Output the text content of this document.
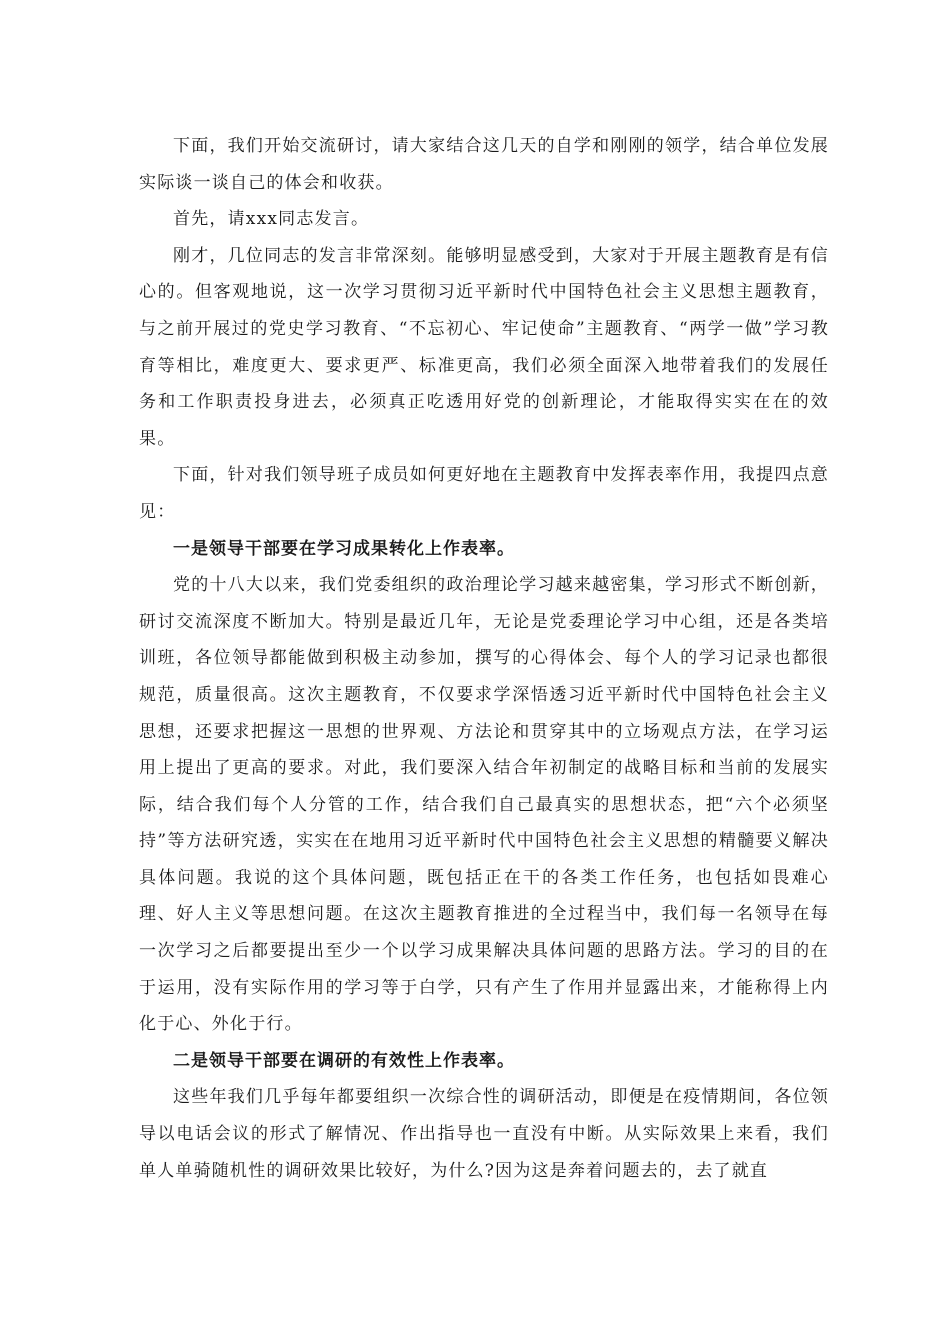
下面，我们开始交流研讨，请大家结合这几天的自学和刚刚的领学，结合单位发展实际谈一谈自己的体会和收获。

首先，请xxx同志发言。

刚才，几位同志的发言非常深刻。能够明显感受到，大家对于开展主题教育是有信心的。但客观地说，这一次学习贯彻习近平新时代中国特色社会主义思想主题教育，与之前开展过的党史学习教育、“不忘初心、牢记使命”主题教育、“两学一做”学习教育等相比，难度更大、要求更严、标准更高，我们必须全面深入地带着我们的发展任务和工作职责投身进去，必须真正吃透用好党的创新理论，才能取得实实在在的效果。

下面，针对我们领导班子成员如何更好地在主题教育中发挥表率作用，我提四点意见：

一是领导干部要在学习成果转化上作表率。

党的十八大以来，我们党委组织的政治理论学习越来越密集，学习形式不断创新，研讨交流深度不断加大。特别是最近几年，无论是党委理论学习中心组，还是各类培训班，各位领导都能做到积极主动参加，撰写的心得体会、每个人的学习记录也都很规范，质量很高。这次主题教育，不仅要求学深悟透习近平新时代中国特色社会主义思想，还要求把握这一思想的世界观、方法论和贯穿其中的立场观点方法，在学习运用上提出了更高的要求。对此，我们要深入结合年初制定的战略目标和当前的发展实际，结合我们每个人分管的工作，结合我们自己最真实的思想状态，把“六个必须坚持”等方法研究透，实实在在地用习近平新时代中国特色社会主义思想的精髓要义解决具体问题。我说的这个具体问题，既包括正在干的各类工作任务，也包括如畏难心理、好人主义等思想问题。在这次主题教育推进的全过程当中，我们每一名领导在每一次学习之后都要提出至少一个以学习成果解决具体问题的思路方法。学习的目的在于运用，没有实际作用的学习等于白学，只有产生了作用并显露出来，才能称得上内化于心、外化于行。

二是领导干部要在调研的有效性上作表率。

这些年我们几乎每年都要组织一次综合性的调研活动，即便是在疫情期间，各位领导以电话会议的形式了解情况、作出指导也一直没有中断。从实际效果上来看，我们单人单骑随机性的调研效果比较好，为什么?因为这是奔着问题去的，去了就直
